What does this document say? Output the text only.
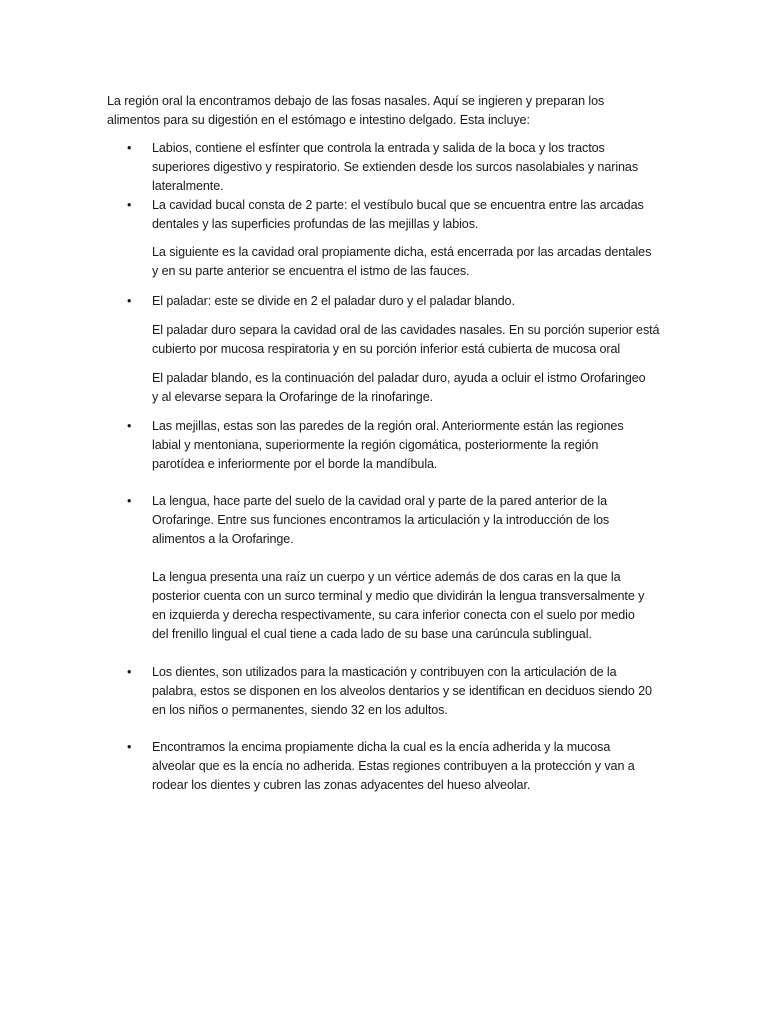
La región oral la encontramos debajo de las fosas nasales. Aquí se ingieren y preparan los
alimentos para su digestión en el estómago e intestino delgado. Esta incluye:

• Labios, contiene el esfínter que controla la entrada y salida de la boca y los tractos
superiores digestivo y respiratorio. Se extienden desde los surcos nasolabiales y narinas
lateralmente.

• La cavidad bucal consta de 2 parte: el vestíbulo bucal que se encuentra entre las arcadas
dentales y las superficies profundas de las mejillas y labios.

La siguiente es la cavidad oral propiamente dicha, está encerrada por las arcadas dentales
y en su parte anterior se encuentra el istmo de las fauces.

• El paladar: este se divide en 2 el paladar duro y el paladar blando.

El paladar duro separa la cavidad oral de las cavidades nasales. En su porción superior está
cubierto por mucosa respiratoria y en su porción inferior está cubierta de mucosa oral

El paladar blando, es la continuación del paladar duro, ayuda a ocluir el istmo Orofaringeo
y al elevarse separa la Orofaringe de la rinofaringe.

• Las mejillas, estas son las paredes de la región oral. Anteriormente están las regiones
labial y mentoniana, superiormente la región cigomática, posteriormente la región
parotídea e inferiormente por el borde la mandíbula.

• La lengua, hace parte del suelo de la cavidad oral y parte de la pared anterior de la
Orofaringe. Entre sus funciones encontramos la articulación y la introducción de los
alimentos a la Orofaringe.

La lengua presenta una raíz un cuerpo y un vértice además de dos caras en la que la
posterior cuenta con un surco terminal y medio que dividirán la lengua transversalmente y
en izquierda y derecha respectivamente, su cara inferior conecta con el suelo por medio
del frenillo lingual el cual tiene a cada lado de su base una carúncula sublingual.

• Los dientes, son utilizados para la masticación y contribuyen con la articulación de la
palabra, estos se disponen en los alveolos dentarios y se identifican en deciduos siendo 20
en los niños o permanentes, siendo 32 en los adultos.

• Encontramos la encima propiamente dicha la cual es la encía adherida y la mucosa
alveolar que es la encía no adherida. Estas regiones contribuyen a la protección y van a
rodear los dientes y cubren las zonas adyacentes del hueso alveolar.
